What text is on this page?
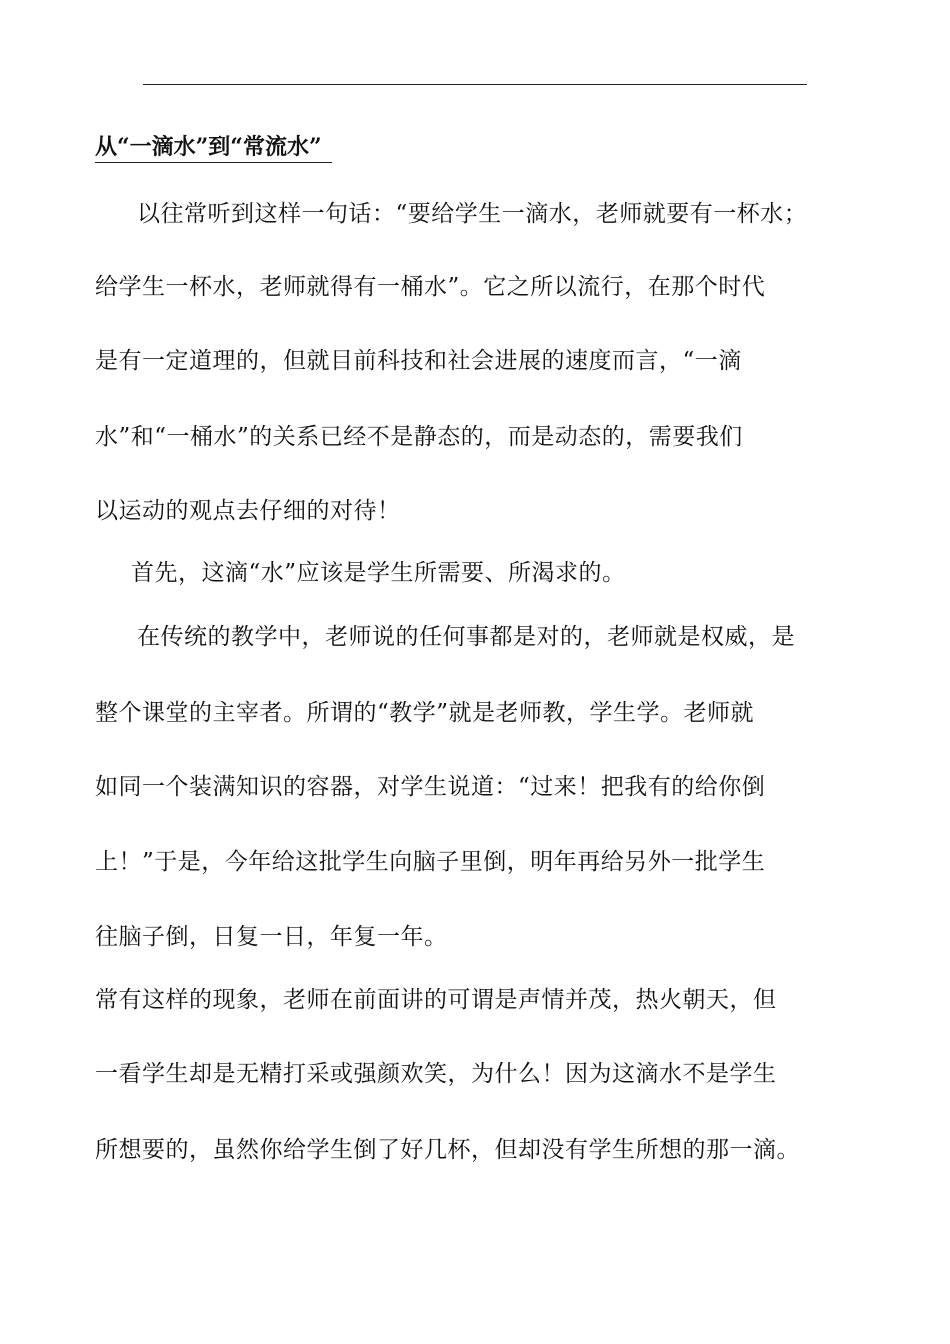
从“一滴水”到“常流水”
以往常听到这样一句话：“要给学生一滴水，老师就要有一杯水；
给学生一杯水，老师就得有一桶水”。它之所以流行，在那个时代
是有一定道理的，但就目前科技和社会进展的速度而言，“一滴
水”和“一桶水”的关系已经不是静态的，而是动态的，需要我们
以运动的观点去仔细的对待！
首先，这滴“水”应该是学生所需要、所渴求的。
在传统的教学中，老师说的任何事都是对的，老师就是权威，是
整个课堂的主宰者。所谓的“教学”就是老师教，学生学。老师就
如同一个装满知识的容器，对学生说道：“过来！把我有的给你倒
上！”于是，今年给这批学生向脑子里倒，明年再给另外一批学生
往脑子倒，日复一日，年复一年。
常有这样的现象，老师在前面讲的可谓是声情并茂，热火朝天，但
一看学生却是无精打采或强颜欢笑，为什么！因为这滴水不是学生
所想要的，虽然你给学生倒了好几杯，但却没有学生所想的那一滴。
